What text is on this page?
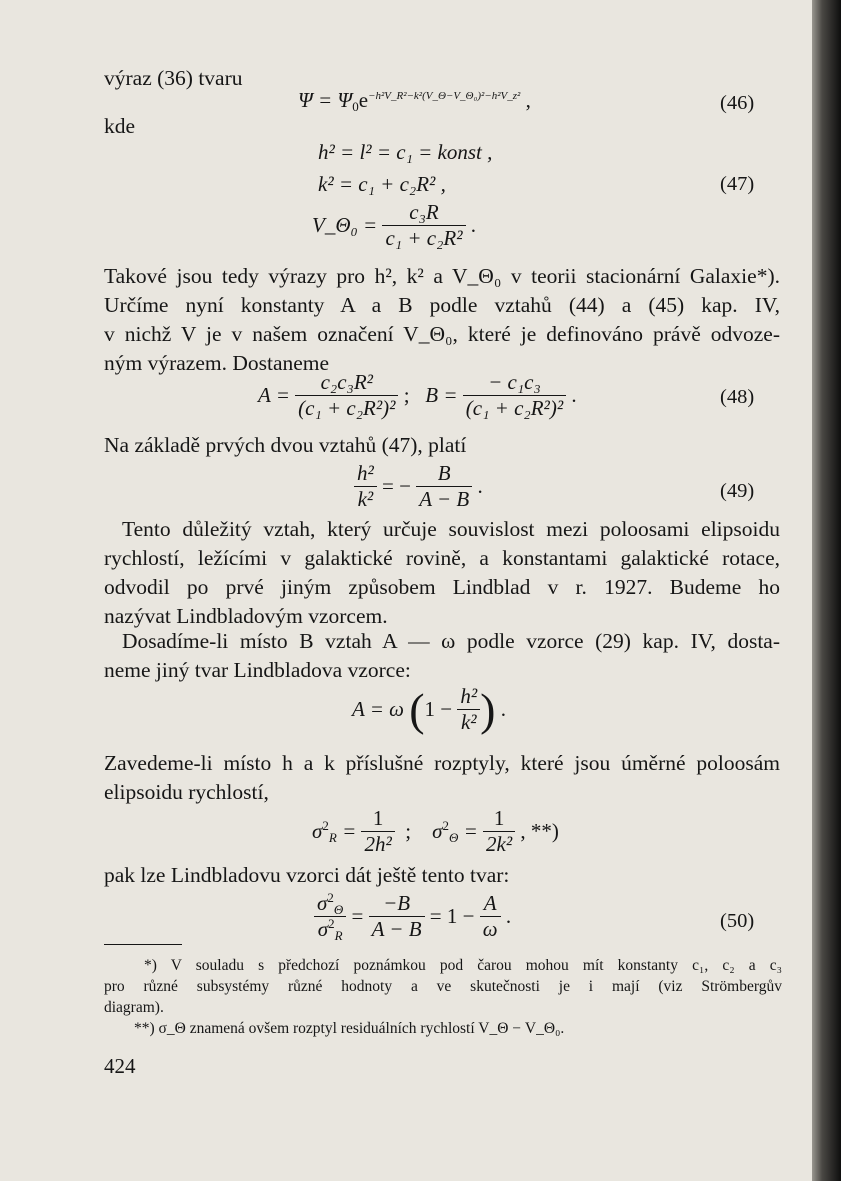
výraz (36) tvaru
kde
$\Psi = \Psi_0e^{-h^2V\_R^2-k^2(V\_\Theta-V\_\Theta_0)^2-h^2V\_z^2}$ ,	(46)
h² = l² = c₁ = konst ,
k² = c₁ + c₂R² ,	(47)
V_Θ₀ = $\frac{\text{c₃R}}{\text{c₁ + c₂R²}}$ .
Takové jsou tedy výrazy pro h², k² a V_Θ₀ v teorii stacionární Galaxie*).
Určíme nyní konstanty A a B podle vztahů (44) a (45) kap. IV,
v nichž V je v našem označení V_Θ₀, které je definováno právě odvoze-
ným výrazem. Dostaneme
$A = \frac{\text{c₂c₃R²}}{\text{(c₁ + c₂R²)²}}$ ;   $B = \frac{\text{− c₁c₃}}{\text{(c₁ + c₂R²)²}}$ .	(48)
Na základě prvých dvou vztahů (47), platí
$\frac{\text{h²}}{\text{k²}}$ = − $\frac{B}{A - B}$ .	(49)
Tento důležitý vztah, který určuje souvislost mezi poloosami elipsoidu
rychlostí, ležícími v galaktické rovině, a konstantami galaktické rotace,
odvodil po prvé jiným způsobem Lindblad v r. 1927. Budeme ho
nazývat Lindbladovým vzorcem.
Dosadíme-li místo B vztah A — ω podle vzorce (29) kap. IV, dosta-
neme jiný tvar Lindbladova vzorce:
A = ω ($1 - \frac{\text{h²}}{\text{k²}}$ ) .
Zavedeme-li místo h a k příslušné rozptyly, které jsou úměrné poloosám
elipsoidu rychlostí,
$\sigma^2_R = \frac{1}{\text{2h²}}$ ;    $\sigma^2_\Theta = \frac{1}{\text{2k²}}$ , **)
pak lze Lindbladovu vzorci dát ještě tento tvar:
$\frac{\sigma^2_\Theta}{\sigma^2_R} = \frac{-B}{A - B} = 1 - \frac{A}{\omega}$ .	(50)
*) V souladu s předchozí poznámkou pod čarou mohou mít konstanty c₁, c₂ a c₃
pro různé subsystémy různé hodnoty a ve skutečnosti je i mají (viz Strömbergův
diagram).
**) σ_Θ znamená ovšem rozptyl residuálních rychlostí V_Θ − V_Θ₀.
424
